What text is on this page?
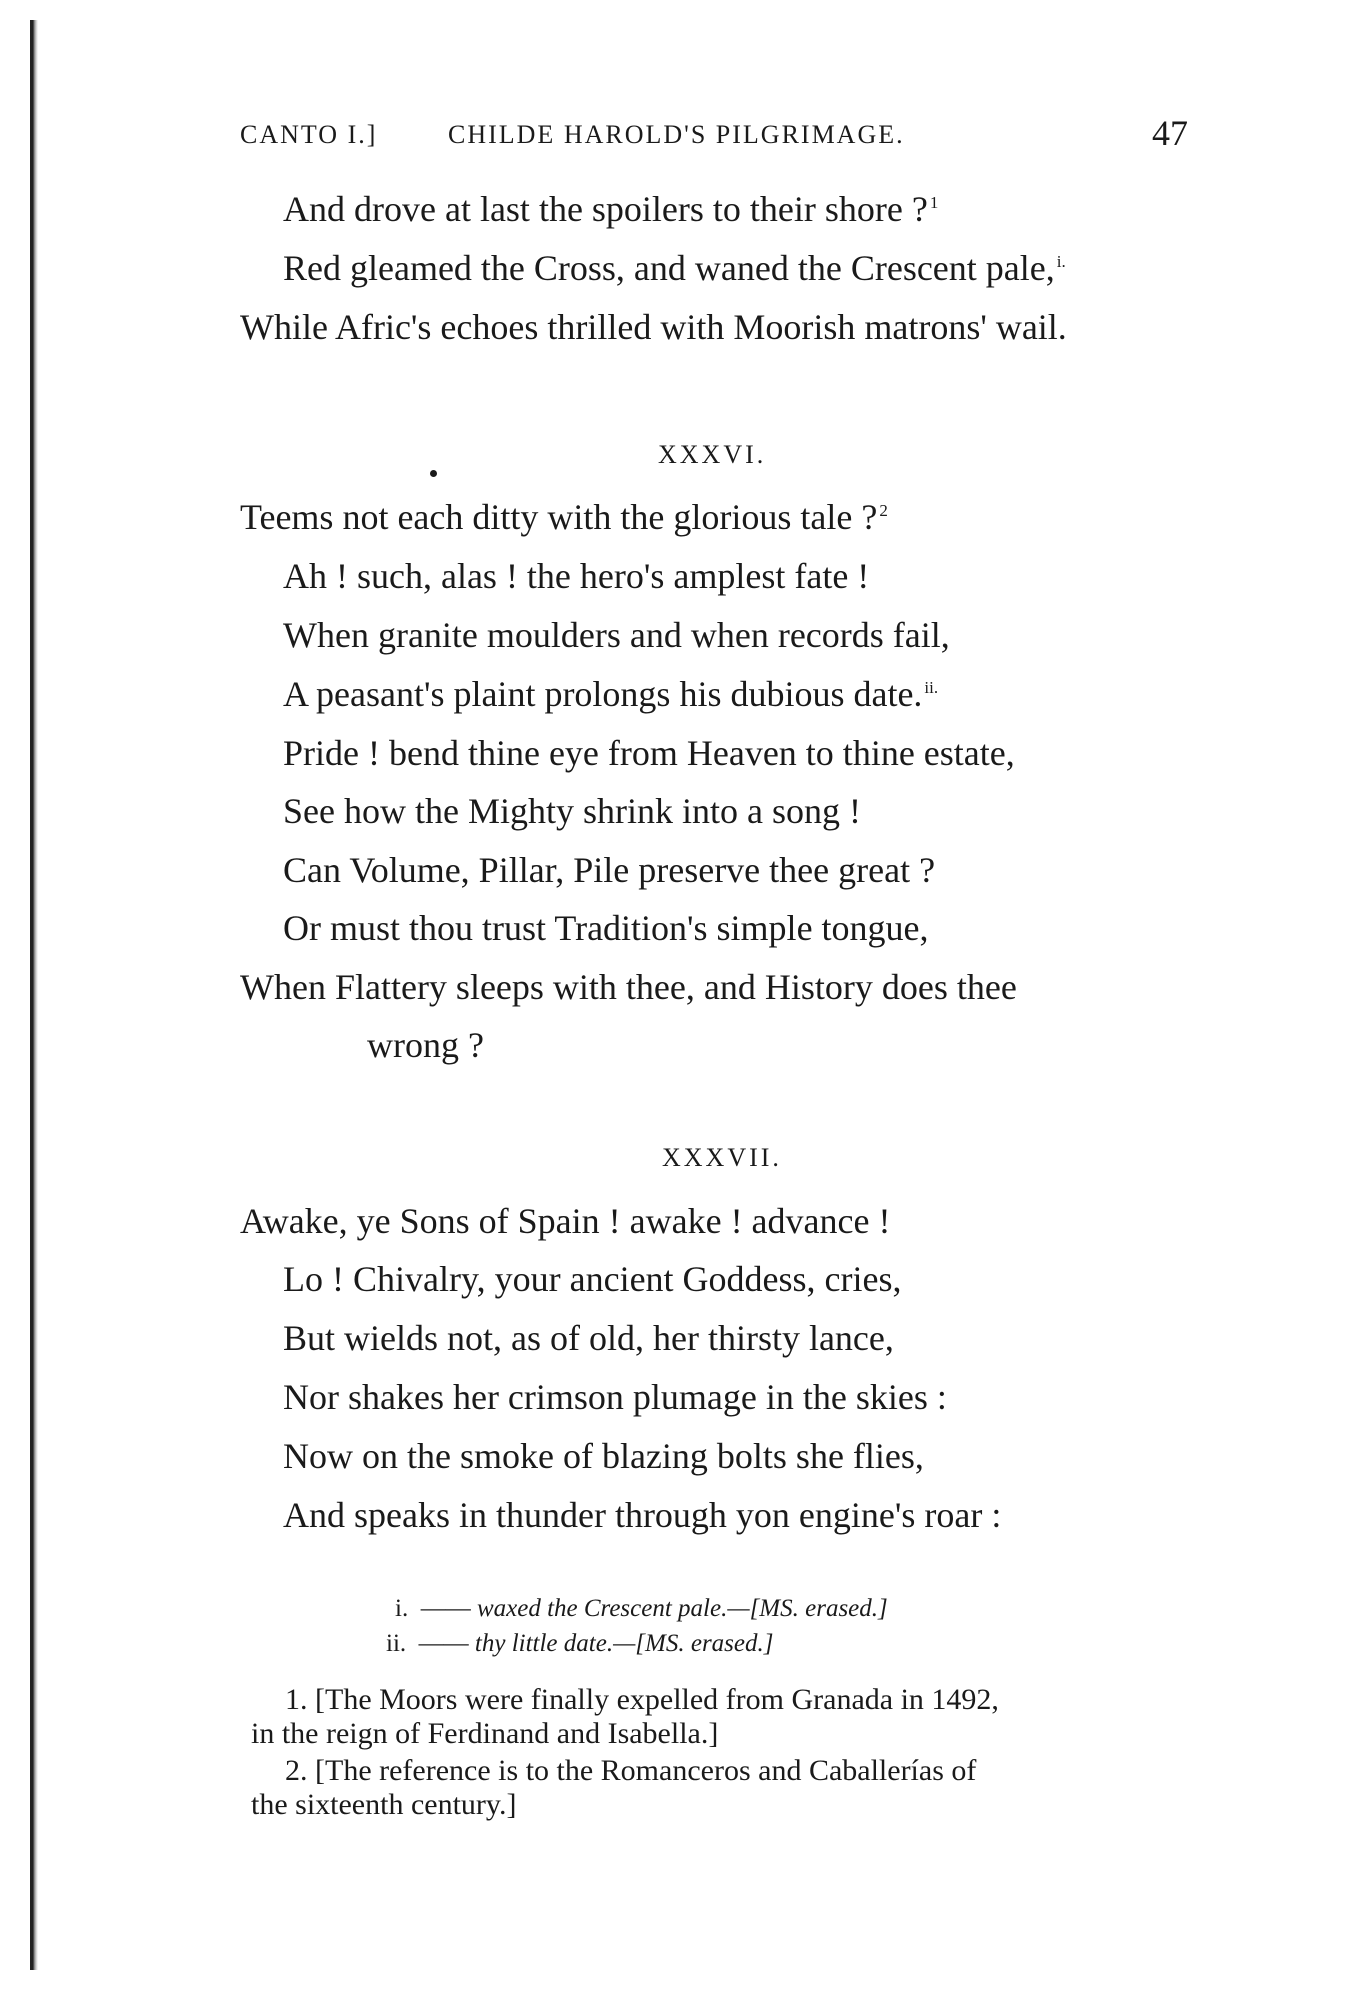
CANTO I.]	CHILDE HAROLD'S PILGRIMAGE.	47
And drove at last the spoilers to their shore ? $^1$
Red gleamed the Cross, and waned the Crescent pale, $^{i.}$
While Afric's echoes thrilled with Moorish matrons' wail.
XXXVI.
Teems not each ditty with the glorious tale ? $^2$
Ah ! such, alas ! the hero's amplest fate !
When granite moulders and when records fail,
A peasant's plaint prolongs his dubious date. $^{ii.}$
Pride ! bend thine eye from Heaven to thine estate,
See how the Mighty shrink into a song !
Can Volume, Pillar, Pile preserve thee great ?
Or must thou trust Tradition's simple tongue,
When Flattery sleeps with thee, and History does thee
wrong ?
XXXVII.
Awake, ye Sons of Spain ! awake ! advance !
Lo ! Chivalry, your ancient Goddess, cries,
But wields not, as of old, her thirsty lance,
Nor shakes her crimson plumage in the skies :
Now on the smoke of blazing bolts she flies,
And speaks in thunder through yon engine's roar :
i. —— waxed the Crescent pale.—[MS. erased.]
ii. —— thy little date.—[MS. erased.]
1. [The Moors were finally expelled from Granada in 1492,
in the reign of Ferdinand and Isabella.]
2. [The reference is to the Romanceros and Caballerías of
the sixteenth century.]
